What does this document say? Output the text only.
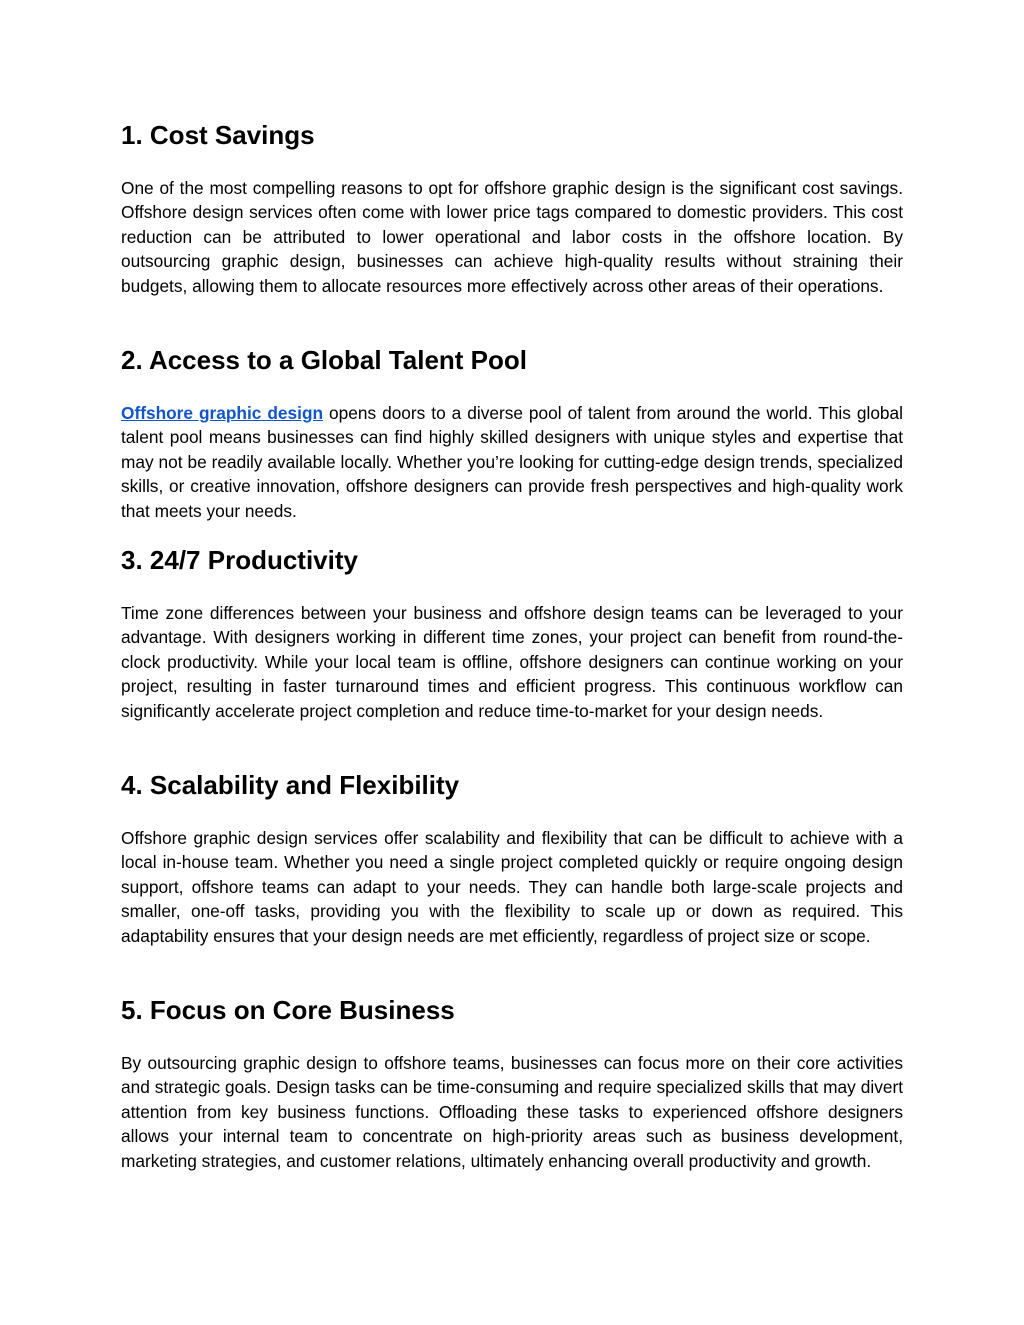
1. Cost Savings

One of the most compelling reasons to opt for offshore graphic design is the significant cost savings. Offshore design services often come with lower price tags compared to domestic providers. This cost reduction can be attributed to lower operational and labor costs in the offshore location. By outsourcing graphic design, businesses can achieve high-quality results without straining their budgets, allowing them to allocate resources more effectively across other areas of their operations.

2. Access to a Global Talent Pool

Offshore graphic design opens doors to a diverse pool of talent from around the world. This global talent pool means businesses can find highly skilled designers with unique styles and expertise that may not be readily available locally. Whether you’re looking for cutting-edge design trends, specialized skills, or creative innovation, offshore designers can provide fresh perspectives and high-quality work that meets your needs.

3. 24/7 Productivity

Time zone differences between your business and offshore design teams can be leveraged to your advantage. With designers working in different time zones, your project can benefit from round-the-clock productivity. While your local team is offline, offshore designers can continue working on your project, resulting in faster turnaround times and efficient progress. This continuous workflow can significantly accelerate project completion and reduce time-to-market for your design needs.

4. Scalability and Flexibility

Offshore graphic design services offer scalability and flexibility that can be difficult to achieve with a local in-house team. Whether you need a single project completed quickly or require ongoing design support, offshore teams can adapt to your needs. They can handle both large-scale projects and smaller, one-off tasks, providing you with the flexibility to scale up or down as required. This adaptability ensures that your design needs are met efficiently, regardless of project size or scope.

5. Focus on Core Business

By outsourcing graphic design to offshore teams, businesses can focus more on their core activities and strategic goals. Design tasks can be time-consuming and require specialized skills that may divert attention from key business functions. Offloading these tasks to experienced offshore designers allows your internal team to concentrate on high-priority areas such as business development, marketing strategies, and customer relations, ultimately enhancing overall productivity and growth.
